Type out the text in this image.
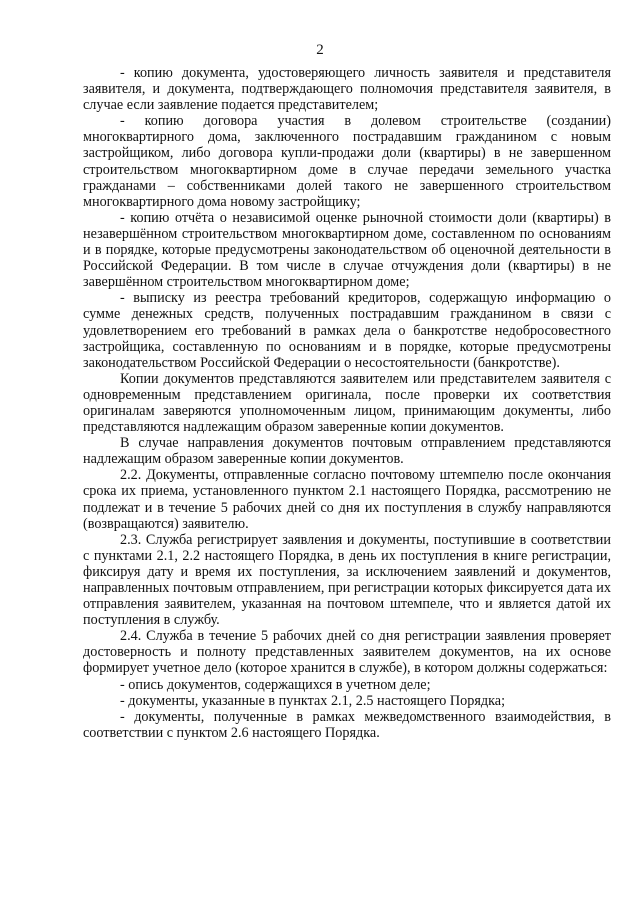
2

- копию документа, удостоверяющего личность заявителя и представителя заявителя, и документа, подтверждающего полномочия представителя заявителя, в случае если заявление подается представителем;

- копию договора участия в долевом строительстве (создании) многоквартирного дома, заключенного пострадавшим гражданином с новым застройщиком, либо договора купли-продажи доли (квартиры) в не завершенном строительством многоквартирном доме в случае передачи земельного участка гражданами – собственниками долей такого не завершенного строительством многоквартирного дома новому застройщику;

- копию отчёта о независимой оценке рыночной стоимости доли (квартиры) в незавершённом строительством многоквартирном доме, составленном по основаниям и в порядке, которые предусмотрены законодательством об оценочной деятельности в Российской Федерации. В том числе в случае отчуждения доли (квартиры) в не завершённом строительством многоквартирном доме;

- выписку из реестра требований кредиторов, содержащую информацию о сумме денежных средств, полученных пострадавшим гражданином в связи с удовлетворением его требований в рамках дела о банкротстве недобросовестного застройщика, составленную по основаниям и в порядке, которые предусмотрены законодательством Российской Федерации о несостоятельности (банкротстве).

Копии документов представляются заявителем или представителем заявителя с одновременным представлением оригинала, после проверки их соответствия оригиналам заверяются уполномоченным лицом, принимающим документы, либо представляются надлежащим образом заверенные копии документов.

В случае направления документов почтовым отправлением представляются надлежащим образом заверенные копии документов.

2.2. Документы, отправленные согласно почтовому штемпелю после окончания срока их приема, установленного пунктом 2.1 настоящего Порядка, рассмотрению не подлежат и в течение 5 рабочих дней со дня их поступления в службу направляются (возвращаются) заявителю.

2.3. Служба регистрирует заявления и документы, поступившие в соответствии с пунктами 2.1, 2.2 настоящего Порядка, в день их поступления в книге регистрации, фиксируя дату и время их поступления, за исключением заявлений и документов, направленных почтовым отправлением, при регистрации которых фиксируется дата их отправления заявителем, указанная на почтовом штемпеле, что и является датой их поступления в службу.

2.4. Служба в течение 5 рабочих дней со дня регистрации заявления проверяет достоверность и полноту представленных заявителем документов, на их основе формирует учетное дело (которое хранится в службе), в котором должны содержаться:

- опись документов, содержащихся в учетном деле;

- документы, указанные в пунктах 2.1, 2.5 настоящего Порядка;

- документы, полученные в рамках межведомственного взаимодействия, в соответствии с пунктом 2.6 настоящего Порядка.
